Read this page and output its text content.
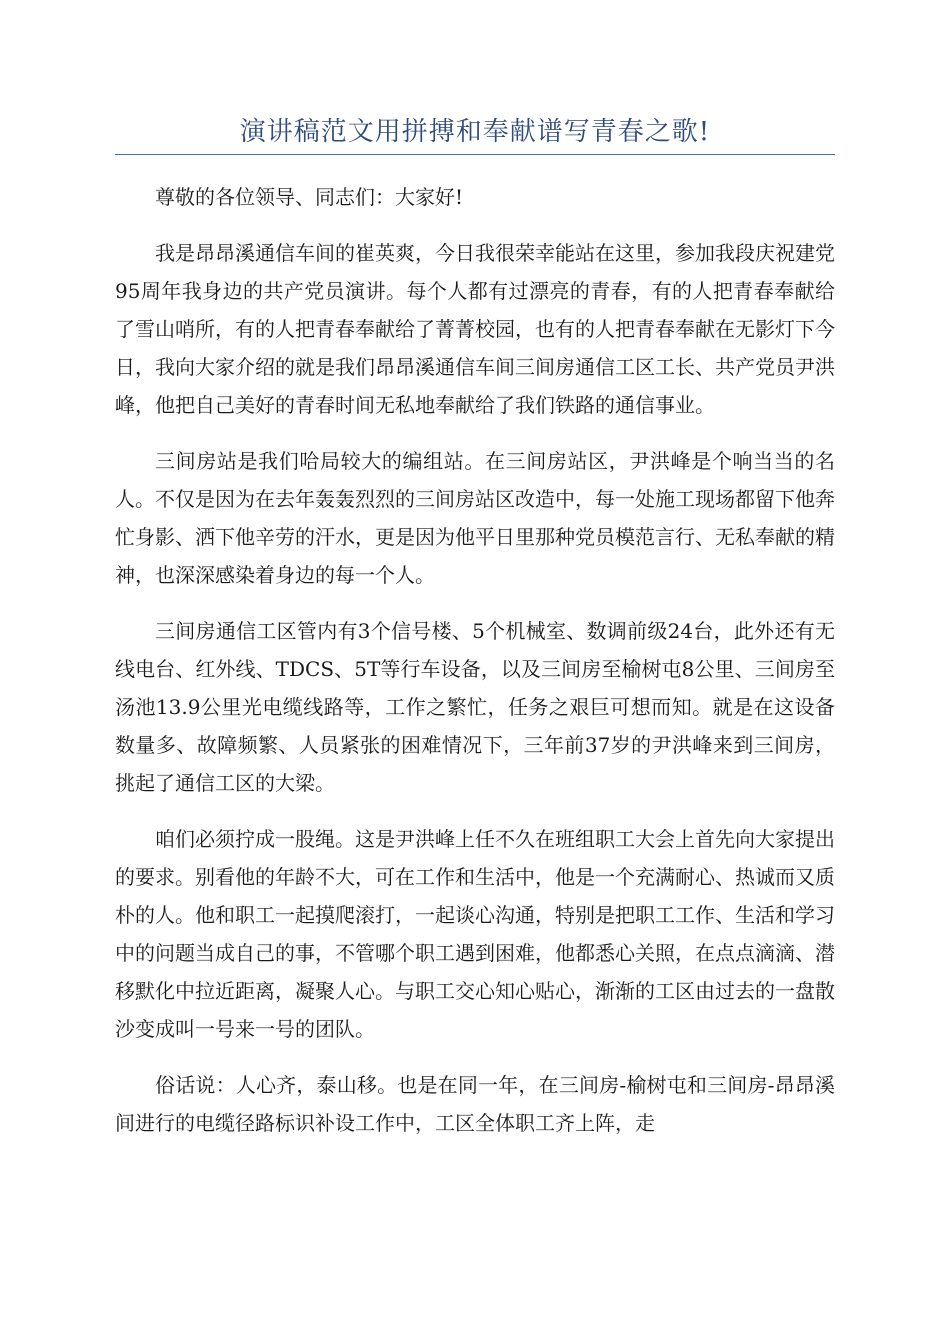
演讲稿范文用拼搏和奉献谱写青春之歌!

尊敬的各位领导、同志们：大家好!

我是昂昂溪通信车间的崔英爽，今日我很荣幸能站在这里，参加我段庆祝建党95周年我身边的共产党员演讲。每个人都有过漂亮的青春，有的人把青春奉献给了雪山哨所，有的人把青春奉献给了菁菁校园，也有的人把青春奉献在无影灯下今日，我向大家介绍的就是我们昂昂溪通信车间三间房通信工区工长、共产党员尹洪峰，他把自己美好的青春时间无私地奉献给了我们铁路的通信事业。

三间房站是我们哈局较大的编组站。在三间房站区，尹洪峰是个响当当的名人。不仅是因为在去年轰轰烈烈的三间房站区改造中，每一处施工现场都留下他奔忙身影、洒下他辛劳的汗水，更是因为他平日里那种党员模范言行、无私奉献的精神，也深深感染着身边的每一个人。

三间房通信工区管内有3个信号楼、5个机械室、数调前级24台，此外还有无线电台、红外线、TDCS、5T等行车设备，以及三间房至榆树屯8公里、三间房至汤池13.9公里光电缆线路等，工作之繁忙，任务之艰巨可想而知。就是在这设备数量多、故障频繁、人员紧张的困难情况下，三年前37岁的尹洪峰来到三间房，挑起了通信工区的大梁。

咱们必须拧成一股绳。这是尹洪峰上任不久在班组职工大会上首先向大家提出的要求。别看他的年龄不大，可在工作和生活中，他是一个充满耐心、热诚而又质朴的人。他和职工一起摸爬滚打，一起谈心沟通，特别是把职工工作、生活和学习中的问题当成自己的事，不管哪个职工遇到困难，他都悉心关照，在点点滴滴、潜移默化中拉近距离，凝聚人心。与职工交心知心贴心，渐渐的工区由过去的一盘散沙变成叫一号来一号的团队。

俗话说：人心齐，泰山移。也是在同一年，在三间房-榆树屯和三间房-昂昂溪间进行的电缆径路标识补设工作中，工区全体职工齐上阵，走
